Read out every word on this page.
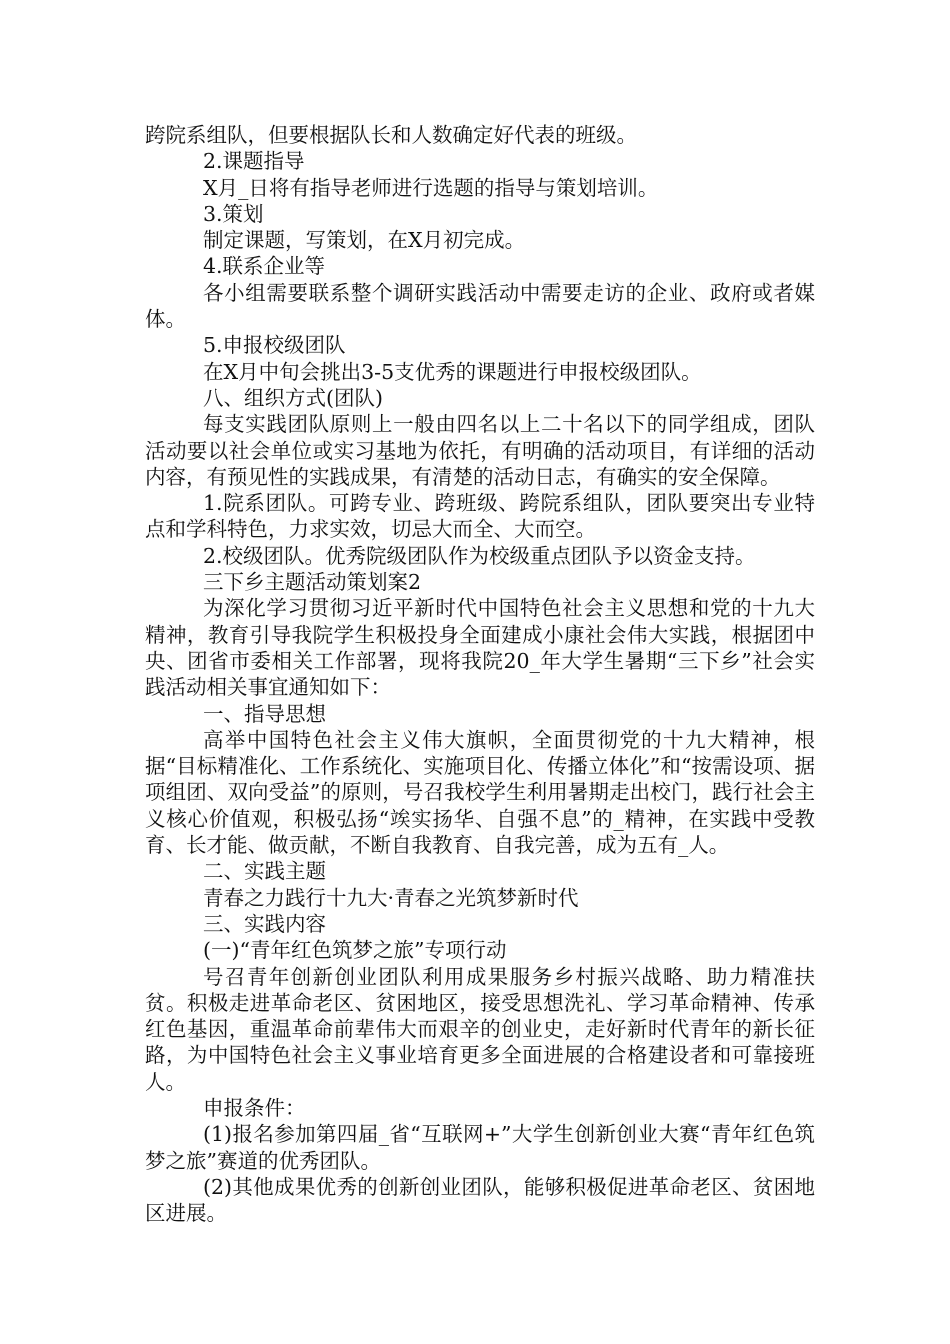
跨院系组队，但要根据队长和人数确定好代表的班级。

2.课题指导

X月_日将有指导老师进行选题的指导与策划培训。

3.策划

制定课题，写策划，在X月初完成。

4.联系企业等

各小组需要联系整个调研实践活动中需要走访的企业、政府或者媒体。

5.申报校级团队

在X月中旬会挑出3-5支优秀的课题进行申报校级团队。

八、组织方式(团队)

每支实践团队原则上一般由四名以上二十名以下的同学组成，团队活动要以社会单位或实习基地为依托，有明确的活动项目，有详细的活动内容，有预见性的实践成果，有清楚的活动日志，有确实的安全保障。

1.院系团队。可跨专业、跨班级、跨院系组队，团队要突出专业特点和学科特色，力求实效，切忌大而全、大而空。

2.校级团队。优秀院级团队作为校级重点团队予以资金支持。

三下乡主题活动策划案2

为深化学习贯彻习近平新时代中国特色社会主义思想和党的十九大精神，教育引导我院学生积极投身全面建成小康社会伟大实践，根据团中央、团省市委相关工作部署，现将我院20_年大学生暑期“三下乡”社会实践活动相关事宜通知如下：

一、指导思想

高举中国特色社会主义伟大旗帜，全面贯彻党的十九大精神，根据“目标精准化、工作系统化、实施项目化、传播立体化”和“按需设项、据项组团、双向受益”的原则，号召我校学生利用暑期走出校门，践行社会主义核心价值观，积极弘扬“竢实扬华、自强不息”的_精神，在实践中受教育、长才能、做贡献，不断自我教育、自我完善，成为五有_人。

二、实践主题

青春之力践行十九大·青春之光筑梦新时代

三、实践内容

(一)“青年红色筑梦之旅”专项行动

号召青年创新创业团队利用成果服务乡村振兴战略、助力精准扶贫。积极走进革命老区、贫困地区，接受思想洗礼、学习革命精神、传承红色基因，重温革命前辈伟大而艰辛的创业史，走好新时代青年的新长征路，为中国特色社会主义事业培育更多全面进展的合格建设者和可靠接班人。

申报条件：

(1)报名参加第四届_省“互联网+”大学生创新创业大赛“青年红色筑梦之旅”赛道的优秀团队。

(2)其他成果优秀的创新创业团队，能够积极促进革命老区、贫困地区进展。
